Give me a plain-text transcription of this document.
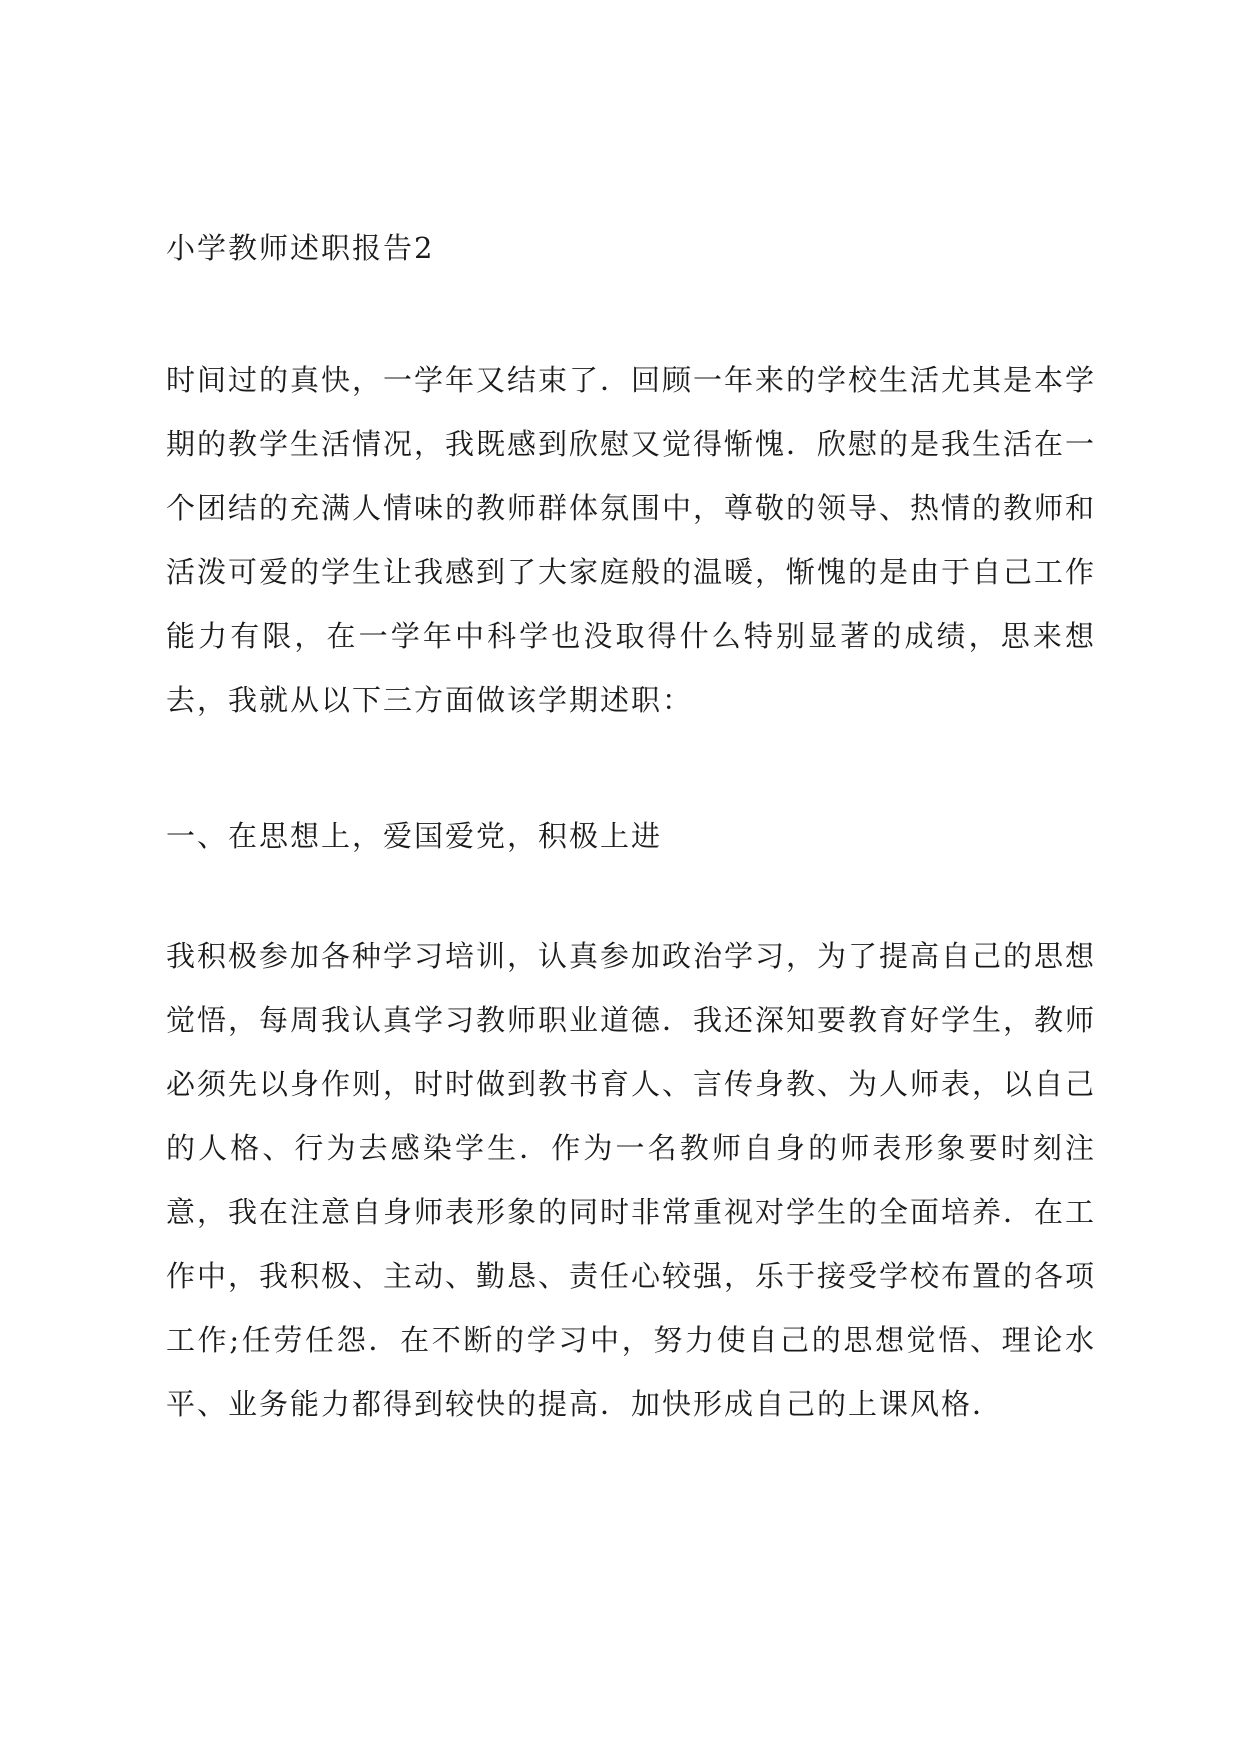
小学教师述职报告2

时间过的真快，一学年又结束了．回顾一年来的学校生活尤其是本学期的教学生活情况，我既感到欣慰又觉得惭愧．欣慰的是我生活在一个团结的充满人情味的教师群体氛围中，尊敬的领导、热情的教师和活泼可爱的学生让我感到了大家庭般的温暖，惭愧的是由于自己工作能力有限，在一学年中科学也没取得什么特别显著的成绩，思来想去，我就从以下三方面做该学期述职：

一、在思想上，爱国爱党，积极上进

我积极参加各种学习培训，认真参加政治学习，为了提高自己的思想觉悟，每周我认真学习教师职业道德．我还深知要教育好学生，教师必须先以身作则，时时做到教书育人、言传身教、为人师表，以自己的人格、行为去感染学生．作为一名教师自身的师表形象要时刻注意，我在注意自身师表形象的同时非常重视对学生的全面培养．在工作中，我积极、主动、勤恳、责任心较强，乐于接受学校布置的各项工作;任劳任怨．在不断的学习中，努力使自己的思想觉悟、理论水平、业务能力都得到较快的提高．加快形成自己的上课风格．
